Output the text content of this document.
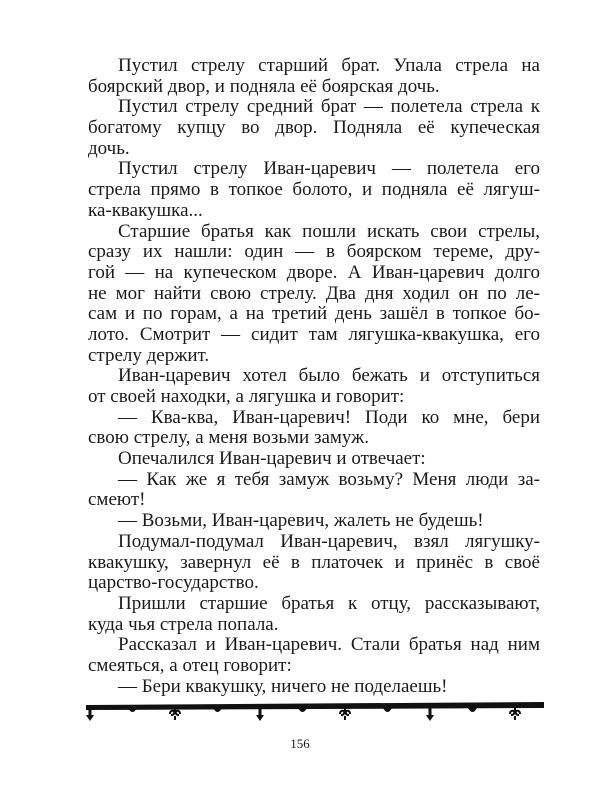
Пустил стрелу старший брат. Упала стрела на
боярский двор, и подняла её боярская дочь.
Пустил стрелу средний брат — полетела стрела к
богатому купцу во двор. Подняла её купеческая
дочь.
Пустил стрелу Иван-царевич — полетела его
стрела прямо в топкое болото, и подняла её лягуш-
ка-квакушка...
Старшие братья как пошли искать свои стрелы,
сразу их нашли: один — в боярском тереме, дру-
гой — на купеческом дворе. А Иван-царевич долго
не мог найти свою стрелу. Два дня ходил он по ле-
сам и по горам, а на третий день зашёл в топкое бо-
лото. Смотрит — сидит там лягушка-квакушка, его
стрелу держит.
Иван-царевич хотел было бежать и отступиться
от своей находки, а лягушка и говорит:
— Ква-ква, Иван-царевич! Поди ко мне, бери
свою стрелу, а меня возьми замуж.
Опечалился Иван-царевич и отвечает:
— Как же я тебя замуж возьму? Меня люди за-
смеют!
— Возьми, Иван-царевич, жалеть не будешь!
Подумал-подумал Иван-царевич, взял лягушку-
квакушку, завернул её в платочек и принёс в своё
царство-государство.
Пришли старшие братья к отцу, рассказывают,
куда чья стрела попала.
Рассказал и Иван-царевич. Стали братья над ним
смеяться, а отец говорит:
— Бери квакушку, ничего не поделаешь!
156
